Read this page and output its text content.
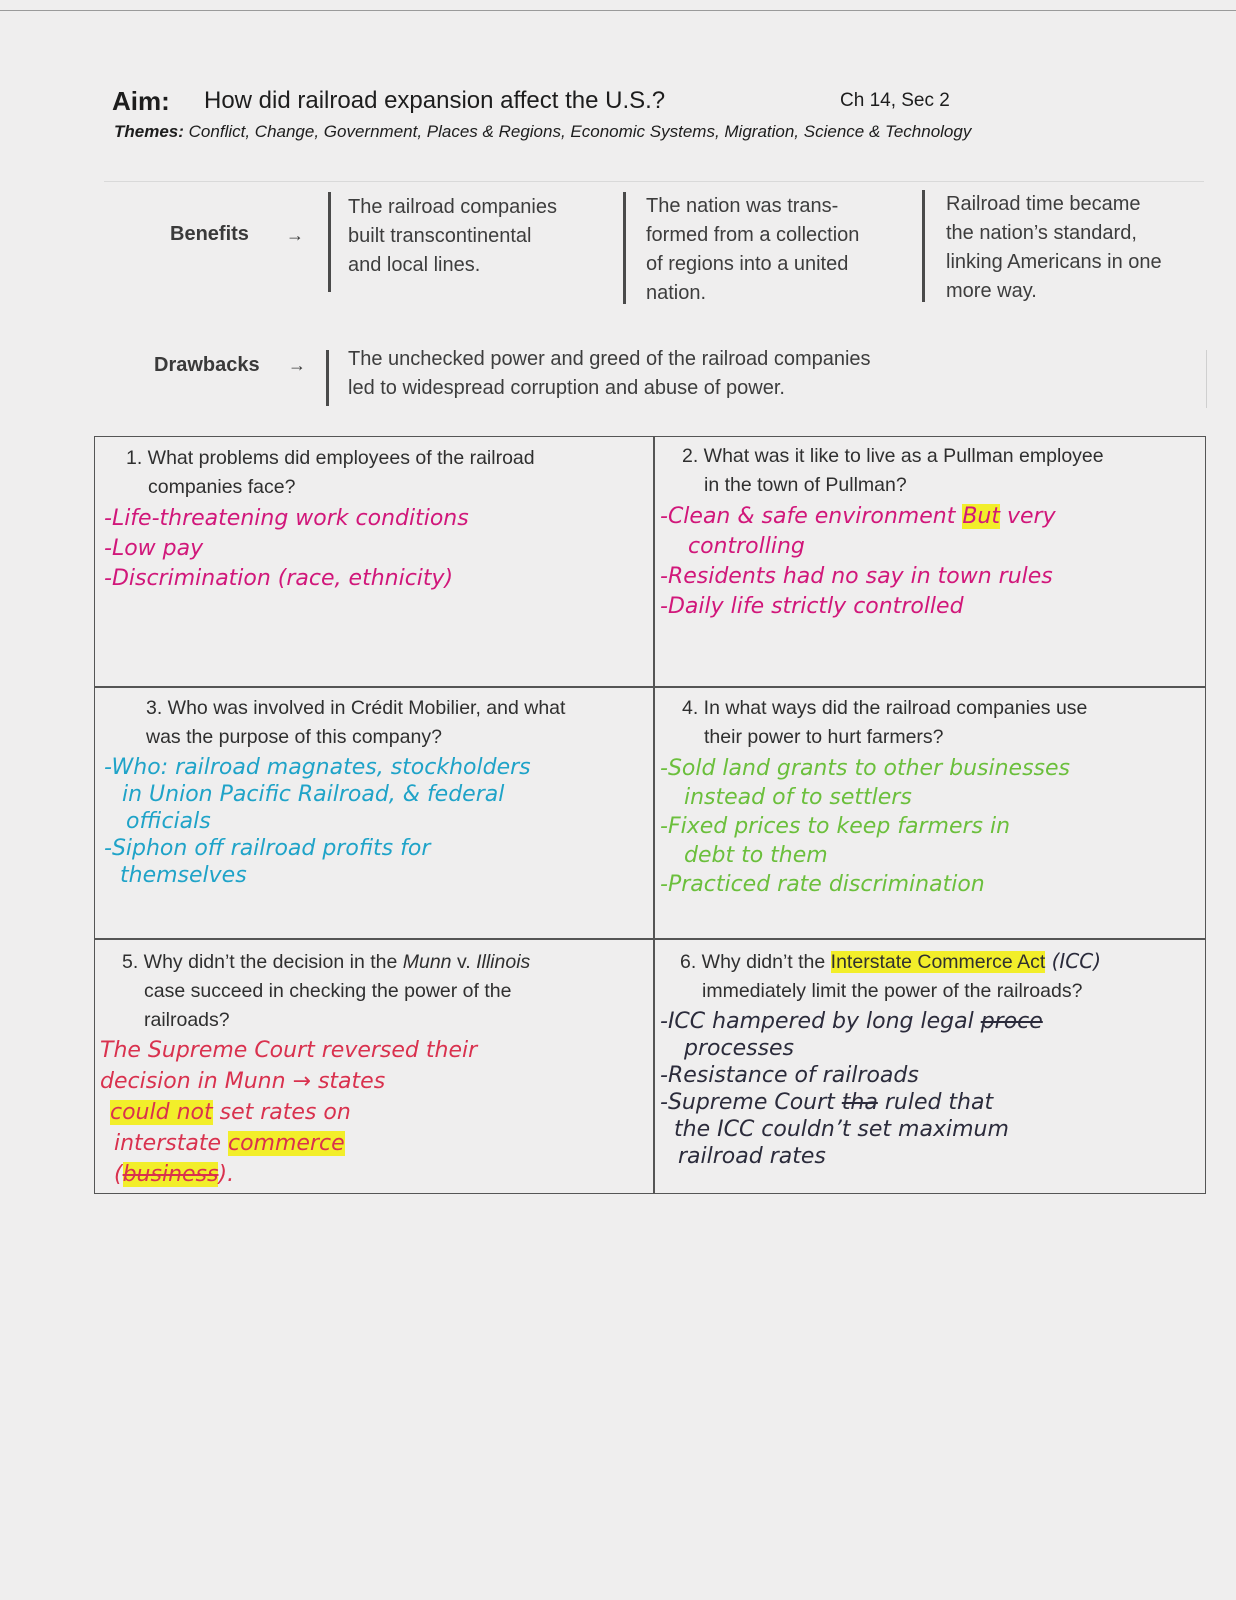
Aim: How did railroad expansion affect the U.S.?	Ch 14, Sec 2
Themes: Conflict, Change, Government, Places & Regions, Economic Systems, Migration, Science & Technology
Benefits →
The railroad companies
built transcontinental
and local lines.
The nation was trans-
formed from a collection
of regions into a united
nation.
Railroad time became
the nation’s standard,
linking Americans in one
more way.
Drawbacks → The unchecked power and greed of the railroad companies
led to widespread corruption and abuse of power.
1. What problems did employees of the railroad
companies face?
-Life-threatening work conditions
-Low pay
-Discrimination (race, ethnicity)
2. What was it like to live as a Pullman employee
in the town of Pullman?
-Clean & safe environment But very
controlling
-Residents had no say in town rules
-Daily life strictly controlled
3. Who was involved in Crédit Mobilier, and what
was the purpose of this company?
-Who: railroad magnates, stockholders
in Union Pacific Railroad, & federal
officials
-Siphon off railroad profits for
themselves
4. In what ways did the railroad companies use
their power to hurt farmers?
-Sold land grants to other businesses
instead of to settlers
-Fixed prices to keep farmers in
debt to them
-Practiced rate discrimination
5. Why didn’t the decision in the Munn v. Illinois
case succeed in checking the power of the
railroads?
The Supreme Court reversed their
decision in Munn → states
could not set rates on
interstate commerce
(business).
6. Why didn’t the Interstate Commerce Act (ICC)
immediately limit the power of the railroads?
-ICC hampered by long legal proce
processes
-Resistance of railroads
-Supreme Court tha ruled that
the ICC couldn’t set maximum
railroad rates
